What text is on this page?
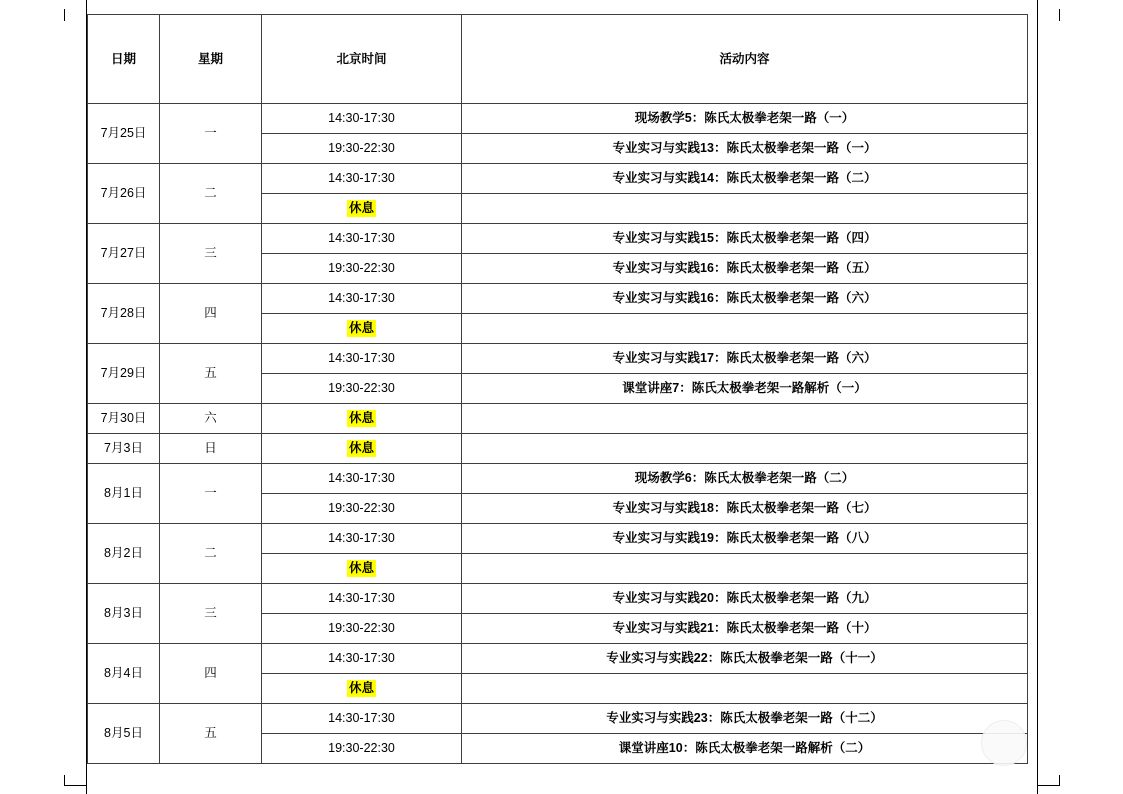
日期	星期	北京时间	活动内容
7月25日	一	14:30-17:30	现场教学5：陈氏太极拳老架一路（一）
		19:30-22:30	专业实习与实践13：陈氏太极拳老架一路（一）
7月26日	二	14:30-17:30	专业实习与实践14：陈氏太极拳老架一路（二）
		休息	
7月27日	三	14:30-17:30	专业实习与实践15：陈氏太极拳老架一路（四）
		19:30-22:30	专业实习与实践16：陈氏太极拳老架一路（五）
7月28日	四	14:30-17:30	专业实习与实践16：陈氏太极拳老架一路（六）
		休息	
7月29日	五	14:30-17:30	专业实习与实践17：陈氏太极拳老架一路（六）
		19:30-22:30	课堂讲座7：陈氏太极拳老架一路解析（一）
7月30日	六	休息	
7月3日	日	休息	
8月1日	一	14:30-17:30	现场教学6：陈氏太极拳老架一路（二）
		19:30-22:30	专业实习与实践18：陈氏太极拳老架一路（七）
8月2日	二	14:30-17:30	专业实习与实践19：陈氏太极拳老架一路（八）
		休息	
8月3日	三	14:30-17:30	专业实习与实践20：陈氏太极拳老架一路（九）
		19:30-22:30	专业实习与实践21：陈氏太极拳老架一路（十）
8月4日	四	14:30-17:30	专业实习与实践22：陈氏太极拳老架一路（十一）
		休息	
8月5日	五	14:30-17:30	专业实习与实践23：陈氏太极拳老架一路（十二）
		19:30-22:30	课堂讲座10：陈氏太极拳老架一路解析（二）
